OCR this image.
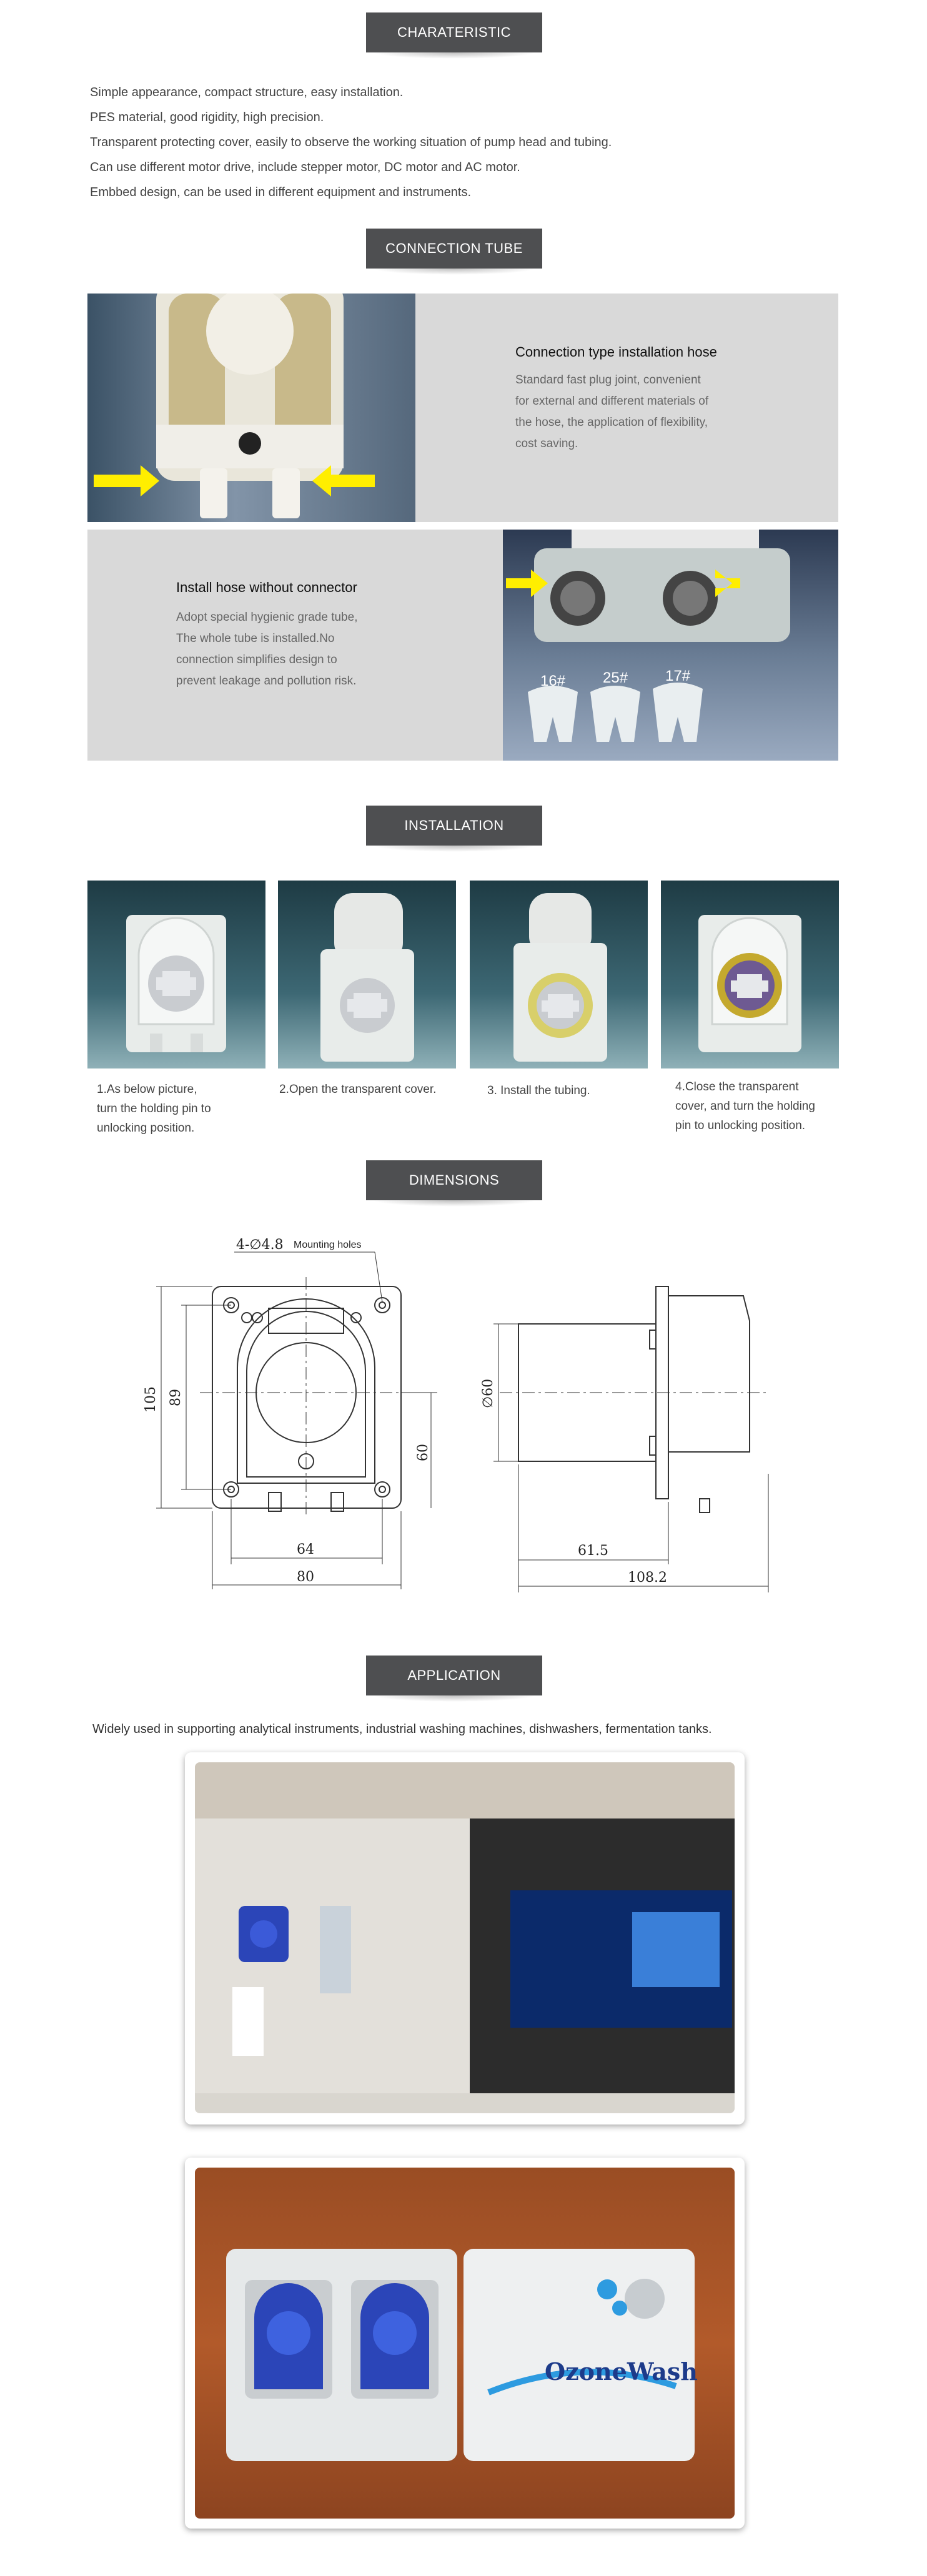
CHARATERISTIC
Simple appearance, compact structure, easy installation.
PES material, good rigidity, high precision.
Transparent protecting cover, easily to observe the working situation of pump head and tubing.
Can use different motor drive, include stepper motor, DC motor and AC motor.
Embbed design, can be used in different equipment and instruments.
CONNECTION TUBE
Connection type installation hose
Standard fast plug joint, convenient
for external and different materials of
the hose, the application of flexibility,
cost saving.
Install hose without connector
Adopt special hygienic grade tube,
The whole tube is installed.No
connection simplifies design to
prevent leakage and pollution risk.	16# 25# 17#
INSTALLATION
1.As below picture,
turn the holding pin to
unlocking position.
2.Open the transparent cover.	3. Install the tubing.	4.Close the transparent
cover, and turn the holding
pin to unlocking position.
DIMENSIONS
4-∅4.8 Mounting holes
105 89
60
64
80
∅60
61.5
108.2
APPLICATION
Widely used in supporting analytical instruments, industrial washing machines, dishwashers, fermentation tanks.
OzoneWash
